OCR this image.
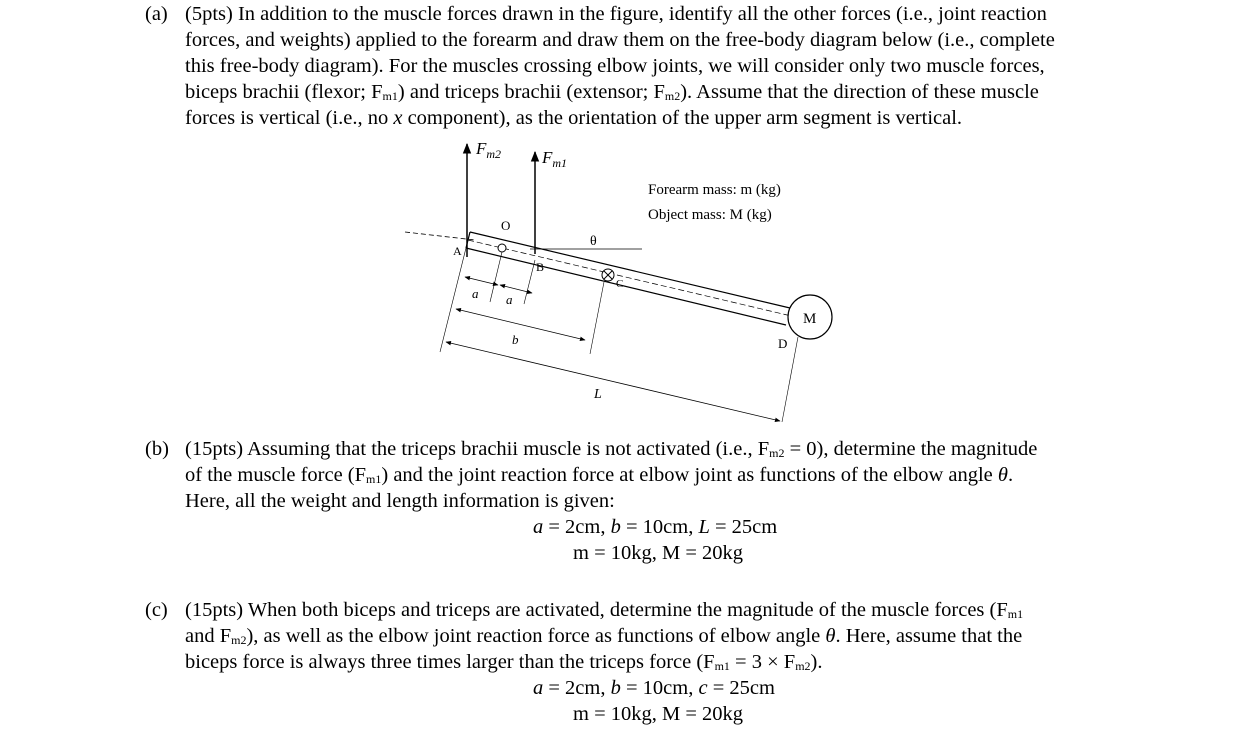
(a) (5pts) In addition to the muscle forces drawn in the figure, identify all the other forces (i.e., joint reaction
forces, and weights) applied to the forearm and draw them on the free-body diagram below (i.e., complete
this free-body diagram). For the muscles crossing elbow joints, we will consider only two muscle forces,
biceps brachii (flexor; $F_{m1}$) and triceps brachii (extensor; $F_{m2}$). Assume that the direction of these muscle
forces is vertical (i.e., no x component), as the orientation of the upper arm segment is vertical.
$F_{m2}$ $F_{m1}$
O
θ
A
B
C
M
D
a a
b
L
Forearm mass: m (kg)
Object mass: M (kg)
(b) (15pts) Assuming that the triceps brachii muscle is not activated (i.e., $F_{m2} = 0$), determine the magnitude
of the muscle force $(F_{m1})$ and the joint reaction force at elbow joint as functions of the elbow angle θ.
Here, all the weight and length information is given:
a = 2cm, b = 10cm, L = 25cm
m = 10kg, M = 20kg
(c) (15pts) When both biceps and triceps are activated, determine the magnitude of the muscle forces ($F_{m1}$
and $F_{m2}$), as well as the elbow joint reaction force as functions of elbow angle θ. Here, assume that the
biceps force is always three times larger than the triceps force $(F_{m1} = 3 \times F_{m2})$.
a = 2cm, b = 10cm, c = 25cm
m = 10kg, M = 20kg
